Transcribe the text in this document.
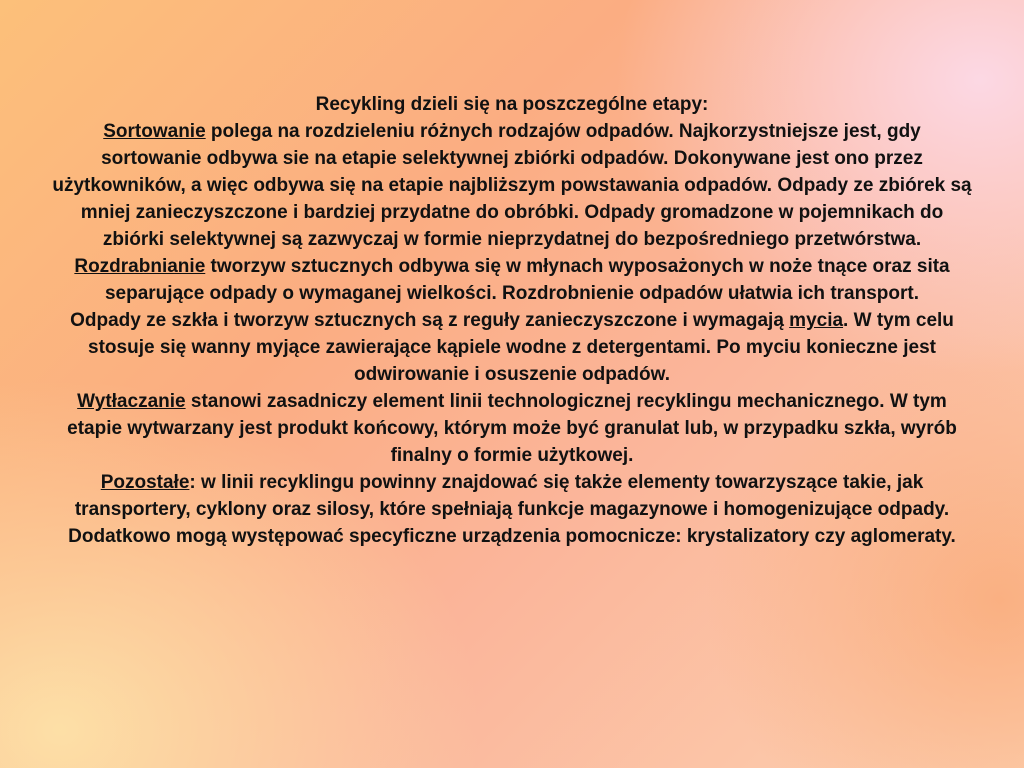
Recykling dzieli się na poszczególne etapy:

Sortowanie polega na rozdzieleniu różnych rodzajów odpadów. Najkorzystniejsze jest, gdy sortowanie odbywa sie na etapie selektywnej zbiórki odpadów. Dokonywane jest ono przez użytkowników, a więc odbywa się na etapie najbliższym powstawania odpadów. Odpady ze zbiórek są mniej zanieczyszczone i bardziej przydatne do obróbki. Odpady gromadzone w pojemnikach do zbiórki selektywnej są zazwyczaj w formie nieprzydatnej do bezpośredniego przetwórstwa.

Rozdrabnianie tworzyw sztucznych odbywa się w młynach wyposażonych w noże tnące oraz sita separujące odpady o wymaganej wielkości. Rozdrobnienie odpadów ułatwia ich transport.

Odpady ze szkła i tworzyw sztucznych są z reguły zanieczyszczone i wymagają mycia. W tym celu stosuje się wanny myjące zawierające kąpiele wodne z detergentami. Po myciu konieczne jest odwirowanie i osuszenie odpadów.

Wytłaczanie stanowi zasadniczy element linii technologicznej recyklingu mechanicznego. W tym etapie wytwarzany jest produkt końcowy, którym może być granulat lub, w przypadku szkła, wyrób finalny o formie użytkowej.

Pozostałe: w linii recyklingu powinny znajdować się także elementy towarzyszące takie, jak transportery, cyklony oraz silosy, które spełniają funkcje magazynowe i homogenizujące odpady. Dodatkowo mogą występować specyficzne urządzenia pomocnicze: krystalizatory czy aglomeraty.
